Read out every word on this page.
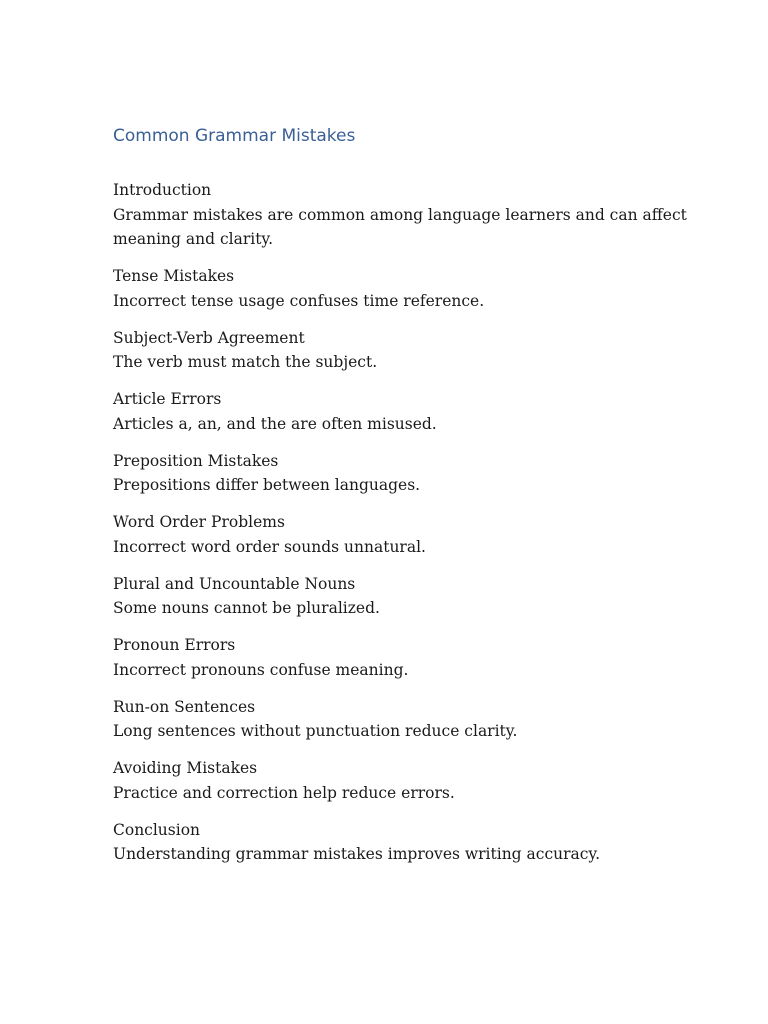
Common Grammar Mistakes
Introduction
Grammar mistakes are common among language learners and can affect meaning and clarity.
Tense Mistakes
Incorrect tense usage confuses time reference.
Subject-Verb Agreement
The verb must match the subject.
Article Errors
Articles a, an, and the are often misused.
Preposition Mistakes
Prepositions differ between languages.
Word Order Problems
Incorrect word order sounds unnatural.
Plural and Uncountable Nouns
Some nouns cannot be pluralized.
Pronoun Errors
Incorrect pronouns confuse meaning.
Run-on Sentences
Long sentences without punctuation reduce clarity.
Avoiding Mistakes
Practice and correction help reduce errors.
Conclusion
Understanding grammar mistakes improves writing accuracy.
